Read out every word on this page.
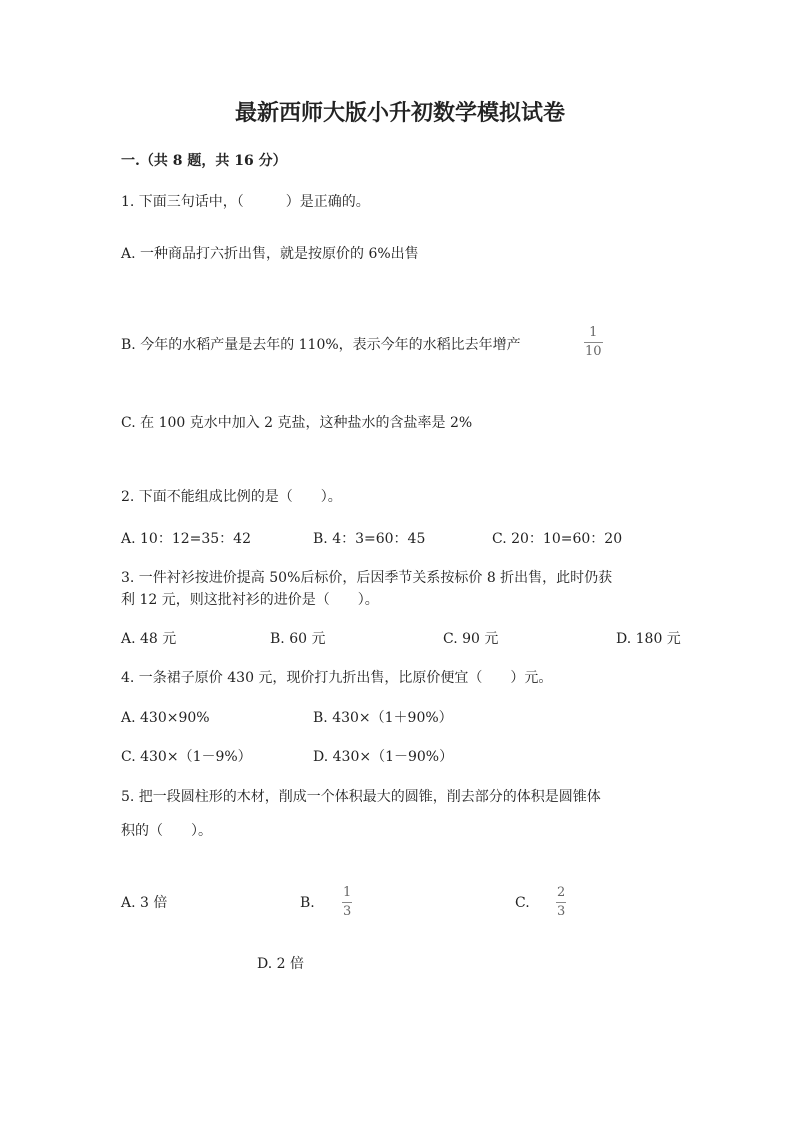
最新西师大版小升初数学模拟试卷
一.（共 8 题，共 16 分）
1. 下面三句话中，（　　　）是正确的。
A. 一种商品打六折出售，就是按原价的 6%出售
B. 今年的水稻产量是去年的 110%，表示今年的水稻比去年增产
1
10
C. 在 100 克水中加入 2 克盐，这种盐水的含盐率是 2%
2. 下面不能组成比例的是（　　）。
A. 10：12=35：42	B. 4：3=60：45	C. 20：10=60：20
3. 一件衬衫按进价提高 50%后标价，后因季节关系按标价 8 折出售，此时仍获
利 12 元，则这批衬衫的进价是（　　）。
A. 48 元	B. 60 元	C. 90 元	D. 180 元
4. 一条裙子原价 430 元，现价打九折出售，比原价便宜（　　）元。
A. 430×90%	B. 430×（1＋90%）
C. 430×（1－9%）	D. 430×（1－90%）
5. 把一段圆柱形的木材，削成一个体积最大的圆锥，削去部分的体积是圆锥体
积的（　　）。
A. 3 倍	B.
1
3
C.
2
3
D. 2 倍
